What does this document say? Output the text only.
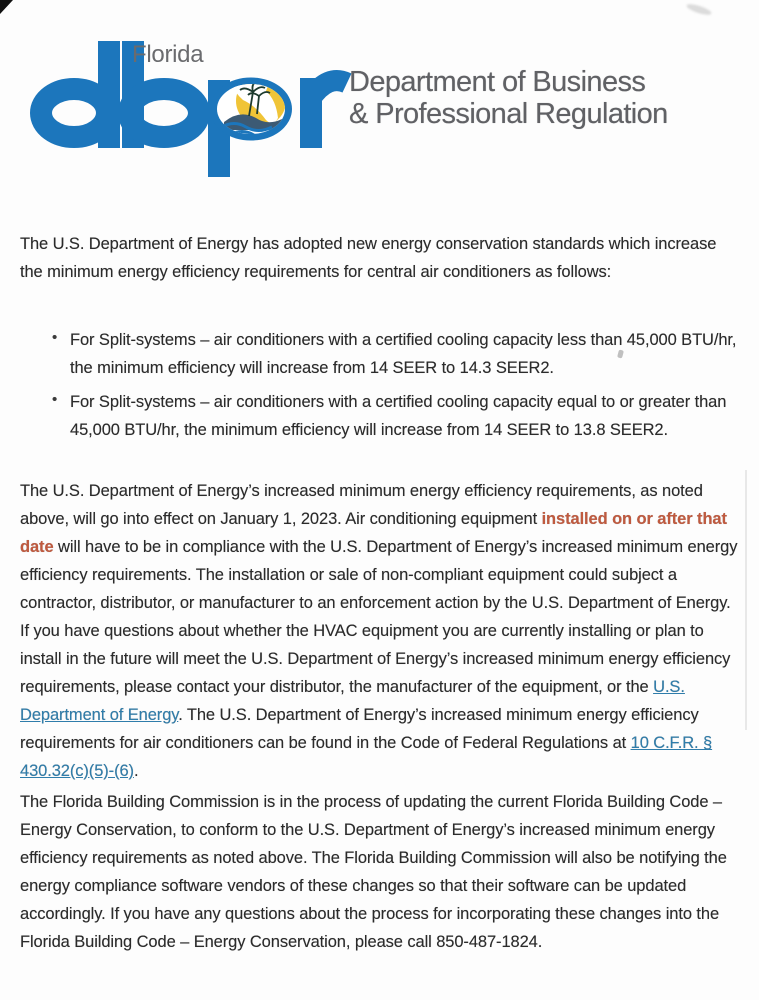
Florida
Department of Business
& Professional Regulation

The U.S. Department of Energy has adopted new energy conservation standards which increase the minimum energy efficiency requirements for central air conditioners as follows:

• For Split-systems – air conditioners with a certified cooling capacity less than 45,000 BTU/hr, the minimum efficiency will increase from 14 SEER to 14.3 SEER2.
• For Split-systems – air conditioners with a certified cooling capacity equal to or greater than 45,000 BTU/hr, the minimum efficiency will increase from 14 SEER to 13.8 SEER2.

The U.S. Department of Energy’s increased minimum energy efficiency requirements, as noted above, will go into effect on January 1, 2023. Air conditioning equipment installed on or after that date will have to be in compliance with the U.S. Department of Energy’s increased minimum energy efficiency requirements. The installation or sale of non-compliant equipment could subject a contractor, distributor, or manufacturer to an enforcement action by the U.S. Department of Energy. If you have questions about whether the HVAC equipment you are currently installing or plan to install in the future will meet the U.S. Department of Energy’s increased minimum energy efficiency requirements, please contact your distributor, the manufacturer of the equipment, or the U.S. Department of Energy. The U.S. Department of Energy’s increased minimum energy efficiency requirements for air conditioners can be found in the Code of Federal Regulations at 10 C.F.R. § 430.32(c)(5)-(6).

The Florida Building Commission is in the process of updating the current Florida Building Code – Energy Conservation, to conform to the U.S. Department of Energy’s increased minimum energy efficiency requirements as noted above. The Florida Building Commission will also be notifying the energy compliance software vendors of these changes so that their software can be updated accordingly. If you have any questions about the process for incorporating these changes into the Florida Building Code – Energy Conservation, please call 850-487-1824.
